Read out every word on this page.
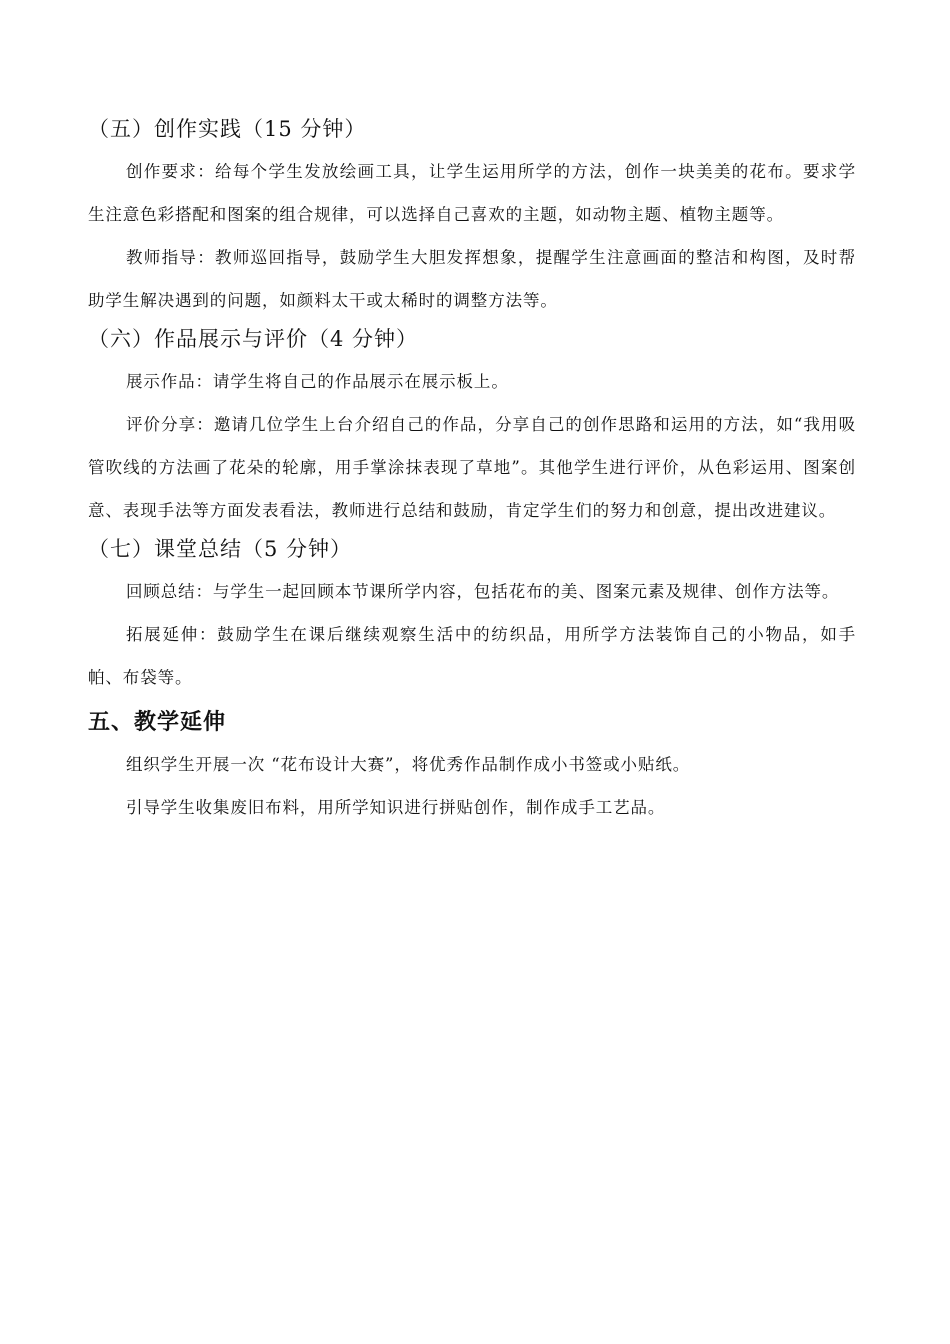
（五）创作实践（15 分钟）

创作要求：给每个学生发放绘画工具，让学生运用所学的方法，创作一块美美的花布。要求学生注意色彩搭配和图案的组合规律，可以选择自己喜欢的主题，如动物主题、植物主题等。

教师指导：教师巡回指导，鼓励学生大胆发挥想象，提醒学生注意画面的整洁和构图，及时帮助学生解决遇到的问题，如颜料太干或太稀时的调整方法等。

（六）作品展示与评价（4 分钟）

展示作品：请学生将自己的作品展示在展示板上。

评价分享：邀请几位学生上台介绍自己的作品，分享自己的创作思路和运用的方法，如“我用吸管吹线的方法画了花朵的轮廓，用手掌涂抹表现了草地”。其他学生进行评价，从色彩运用、图案创意、表现手法等方面发表看法，教师进行总结和鼓励，肯定学生们的努力和创意，提出改进建议。

（七）课堂总结（5 分钟）

回顾总结：与学生一起回顾本节课所学内容，包括花布的美、图案元素及规律、创作方法等。

拓展延伸：鼓励学生在课后继续观察生活中的纺织品，用所学方法装饰自己的小物品，如手帕、布袋等。

五、教学延伸

组织学生开展一次 “花布设计大赛”，将优秀作品制作成小书签或小贴纸。

引导学生收集废旧布料，用所学知识进行拼贴创作，制作成手工艺品。
